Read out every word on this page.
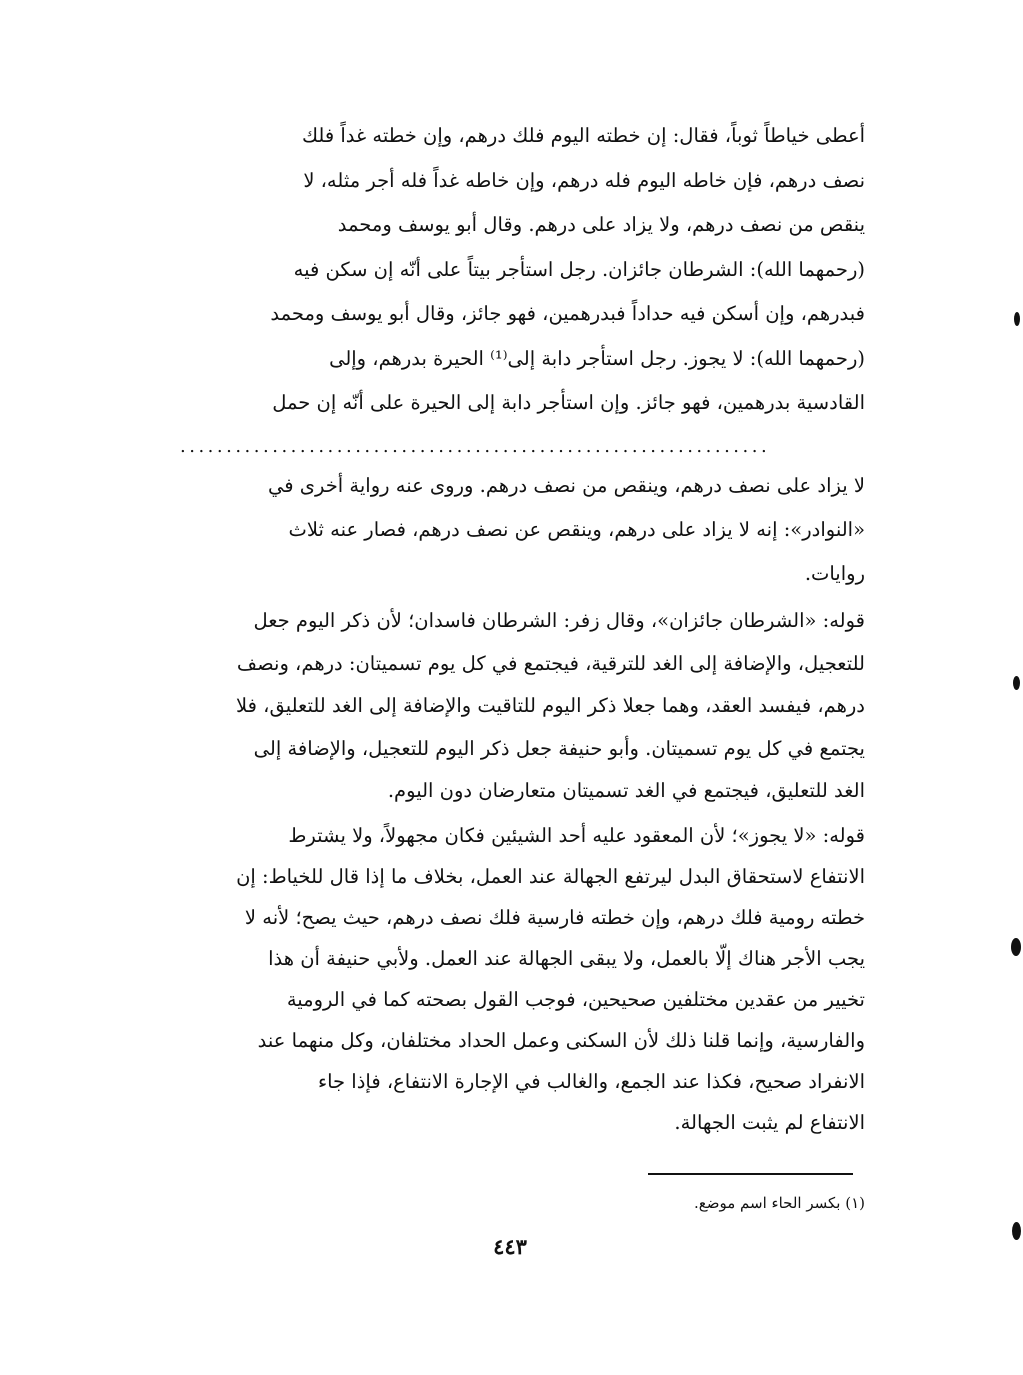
أعطى خياطاً ثوباً، فقال: إن خطته اليوم فلك درهم، وإن خطته غداً فلك
نصف درهم، فإن خاطه اليوم فله درهم، وإن خاطه غداً فله أجر مثله، لا
ينقص من نصف درهم، ولا يزاد على درهم. وقال أبو يوسف ومحمد
(رحمهما الله): الشرطان جائزان. رجل استأجر بيتاً على أنّه إن سكن فيه
فبدرهم، وإن أسكن فيه حداداً فبدرهمين، فهو جائز، وقال أبو يوسف ومحمد
(رحمهما الله): لا يجوز. رجل استأجر دابة إلى⁽¹⁾ الحيرة بدرهم، وإلى
القادسية بدرهمين، فهو جائز. وإن استأجر دابة إلى الحيرة على أنّه إن حمل
................................................................
لا يزاد على نصف درهم، وينقص من نصف درهم. وروى عنه رواية أخرى في
«النوادر»: إنه لا يزاد على درهم، وينقص عن نصف درهم، فصار عنه ثلاث
روايات.
قوله: «الشرطان جائزان»، وقال زفر: الشرطان فاسدان؛ لأن ذكر اليوم جعل
للتعجيل، والإضافة إلى الغد للترقية، فيجتمع في كل يوم تسميتان: درهم، ونصف
درهم، فيفسد العقد، وهما جعلا ذكر اليوم للتاقيت والإضافة إلى الغد للتعليق، فلا
يجتمع في كل يوم تسميتان. وأبو حنيفة جعل ذكر اليوم للتعجيل، والإضافة إلى
الغد للتعليق، فيجتمع في الغد تسميتان متعارضان دون اليوم.
قوله: «لا يجوز»؛ لأن المعقود عليه أحد الشيئين فكان مجهولاً، ولا يشترط
الانتفاع لاستحقاق البدل ليرتفع الجهالة عند العمل، بخلاف ما إذا قال للخياط: إن
خطته رومية فلك درهم، وإن خطته فارسية فلك نصف درهم، حيث يصح؛ لأنه لا
يجب الأجر هناك إلّا بالعمل، ولا يبقى الجهالة عند العمل. ولأبي حنيفة أن هذا
تخيير من عقدين مختلفين صحيحين، فوجب القول بصحته كما في الرومية
والفارسية، وإنما قلنا ذلك لأن السكنى وعمل الحداد مختلفان، وكل منهما عند
الانفراد صحيح، فكذا عند الجمع، والغالب في الإجارة الانتفاع، فإذا جاء
الانتفاع لم يثبت الجهالة.
(١) بكسر الحاء اسم موضع.
٤٤٣
